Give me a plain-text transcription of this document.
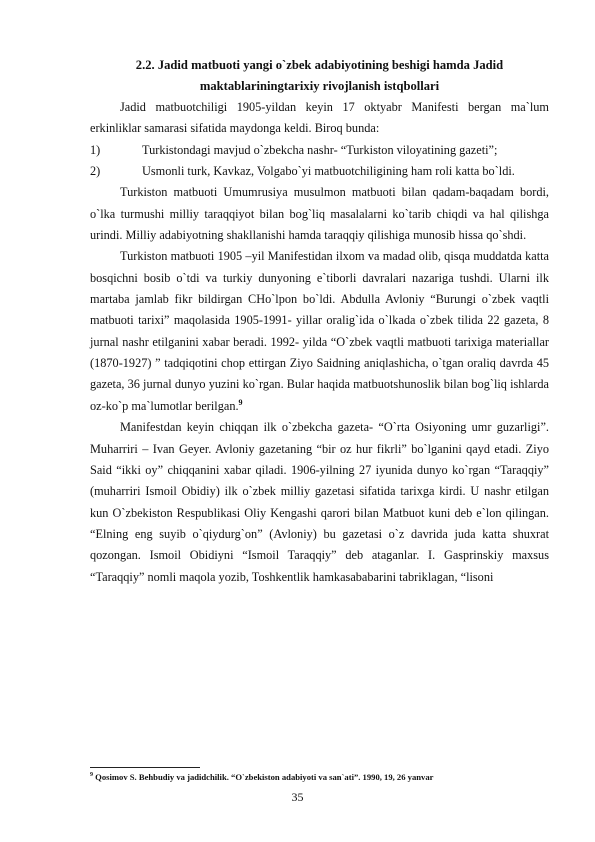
2.2. Jadid matbuoti yangi o`zbek adabiyotining beshigi hamda Jadid
maktablariningtarixiy rivojlanish istqbollari

Jadid matbuotchiligi 1905-yildan keyin 17 oktyabr Manifesti bergan ma`lum erkinliklar samarasi sifatida maydonga keldi. Biroq bunda:

1)	Turkistondagi mavjud o`zbekcha nashr- “Turkiston viloyatining gazeti”;

2)	Usmonli turk, Kavkaz, Volgabo`yi matbuotchiligining ham roli katta bo`ldi.

Turkiston matbuoti Umumrusiya musulmon matbuoti bilan qadam-baqadam bordi, o`lka turmushi milliy taraqqiyot bilan bog`liq masalalarni ko`tarib chiqdi va hal qilishga urindi. Milliy adabiyotning shakllanishi hamda taraqqiy qilishiga munosib hissa qo`shdi.

Turkiston matbuoti 1905 –yil Manifestidan ilxom va madad olib, qisqa muddatda katta bosqichni bosib o`tdi va turkiy dunyoning e`tiborli davralari nazariga tushdi. Ularni ilk martaba jamlab fikr bildirgan CHo`lpon bo`ldi. Abdulla Avloniy “Burungi o`zbek vaqtli matbuoti tarixi” maqolasida 1905-1991- yillar oralig`ida o`lkada o`zbek tilida 22 gazeta, 8 jurnal nashr etilganini xabar beradi. 1992- yilda “O`zbek vaqtli matbuoti tarixiga materiallar (1870-1927) ” tadqiqotini chop ettirgan Ziyo Saidning aniqlashicha, o`tgan oraliq davrda 45 gazeta, 36 jurnal dunyo yuzini ko`rgan. Bular haqida matbuotshunoslik bilan bog`liq ishlarda oz-ko`p ma`lumotlar berilgan.$^9$

Manifestdan keyin chiqqan ilk o`zbekcha gazeta- “O`rta Osiyoning umr guzarligi”. Muharriri – Ivan Geyer. Avloniy gazetaning “bir oz hur fikrli” bo`lganini qayd etadi. Ziyo Said “ikki oy” chiqqanini xabar qiladi. 1906-yilning 27 iyunida dunyo ko`rgan “Taraqqiy” (muharriri Ismoil Obidiy) ilk o`zbek milliy gazetasi sifatida tarixga kirdi. U nashr etilgan kun O`zbekiston Respublikasi Oliy Kengashi qarori bilan Matbuot kuni deb e`lon qilingan. “Elning eng suyib o`qiydurg`on” (Avloniy) bu gazetasi o`z davrida juda katta shuxrat qozongan. Ismoil Obidiyni “Ismoil Taraqqiy” deb ataganlar. I. Gasprinskiy maxsus “Taraqqiy” nomli maqola yozib, Toshkentlik hamkasababarini tabriklagan, “lisoni

$^9$ Qosimov S. Behbudiy va jadidchilik. “O`zbekiston adabiyoti va san`ati”. 1990, 19, 26 yanvar
35
